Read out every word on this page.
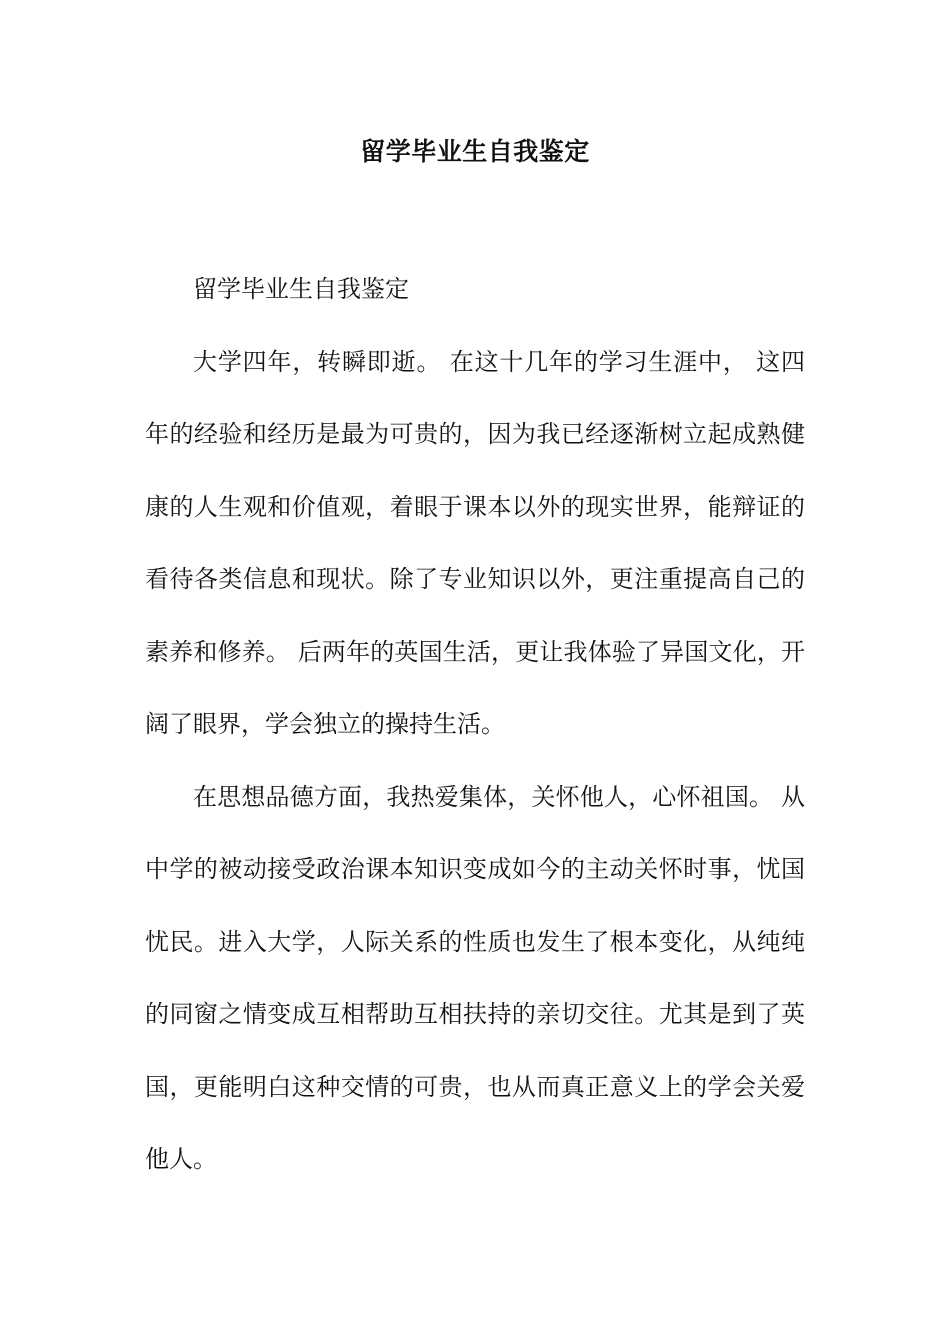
留学毕业生自我鉴定

留学毕业生自我鉴定

大学四年，转瞬即逝。 在这十几年的学习生涯中， 这四年的经验和经历是最为可贵的，因为我已经逐渐树立起成熟健康的人生观和价值观，着眼于课本以外的现实世界，能辩证的看待各类信息和现状。除了专业知识以外，更注重提高自己的素养和修养。 后两年的英国生活，更让我体验了异国文化，开阔了眼界，学会独立的操持生活。

在思想品德方面，我热爱集体，关怀他人，心怀祖国。 从中学的被动接受政治课本知识变成如今的主动关怀时事，忧国忧民。进入大学，人际关系的性质也发生了根本变化，从纯纯的同窗之情变成互相帮助互相扶持的亲切交往。尤其是到了英国，更能明白这种交情的可贵，也从而真正意义上的学会关爱他人。
